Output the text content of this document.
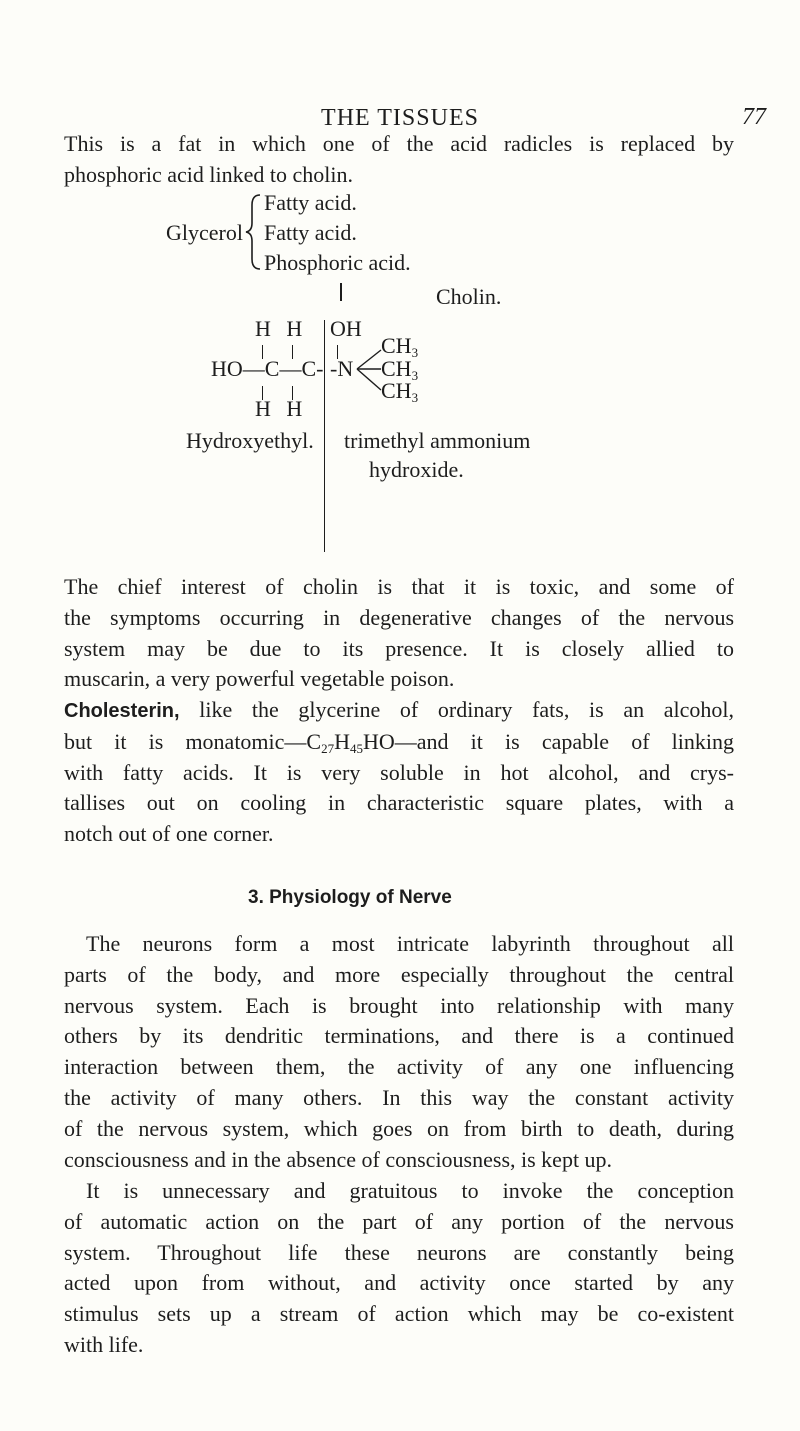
THE TISSUES	77
This is a fat in which one of the acid radicles is replaced by
phosphoric acid linked to cholin.
Glycerol
Fatty acid.
Fatty acid.
Phosphoric acid.
Cholin.
H H
HO—C—C-
H H
Hydroxyethyl.
OH
-N
$CH_3$
$CH_3$
$CH_3$
trimethyl ammonium
hydroxide.
The chief interest of cholin is that it is toxic, and some of
the symptoms occurring in degenerative changes of the nervous
system may be due to its presence. It is closely allied to
muscarin, a very powerful vegetable poison.
Cholesterin, like the glycerine of ordinary fats, is an alcohol,
but it is $monatomic—C_{27}H_{45}HO—and$ it is capable of linking
with fatty acids. It is very soluble in hot alcohol, and crys-
tallises out on cooling in characteristic square plates, with a
notch out of one corner.
3. Physiology of Nerve
The neurons form a most intricate labyrinth throughout all
parts of the body, and more especially throughout the central
nervous system. Each is brought into relationship with many
others by its dendritic terminations, and there is a continued
interaction between them, the activity of any one influencing
the activity of many others. In this way the constant activity
of the nervous system, which goes on from birth to death, during
consciousness and in the absence of consciousness, is kept up.
It is unnecessary and gratuitous to invoke the conception
of automatic action on the part of any portion of the nervous
system. Throughout life these neurons are constantly being
acted upon from without, and activity once started by any
stimulus sets up a stream of action which may be co-existent
with life.
